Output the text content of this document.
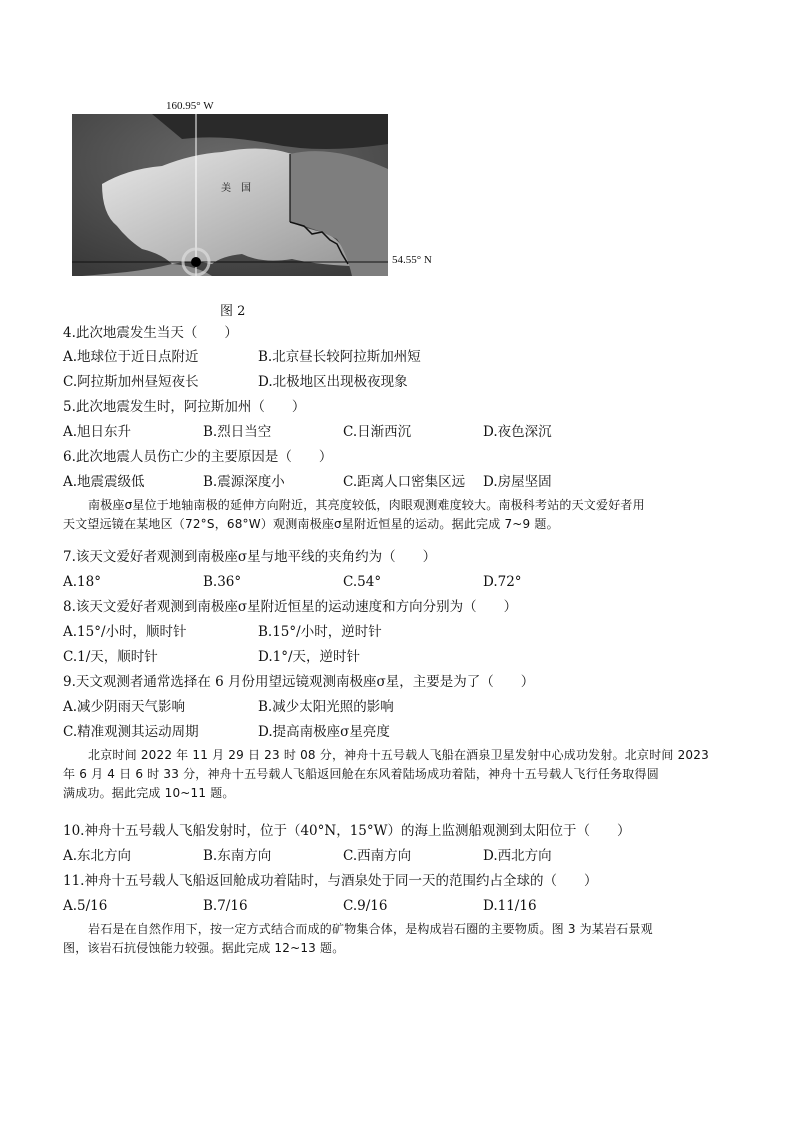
160.95° W
美　国
54.55° N
图 2
4.此次地震发生当天（　　）
A.地球位于近日点附近	B.北京昼长较阿拉斯加州短
C.阿拉斯加州昼短夜长	D.北极地区出现极夜现象
5.此次地震发生时，阿拉斯加州（　　）
A.旭日东升	B.烈日当空	C.日渐西沉	D.夜色深沉
6.此次地震人员伤亡少的主要原因是（　　）
A.地震震级低	B.震源深度小	C.距离人口密集区远 D.房屋坚固

南极座σ星位于地轴南极的延伸方向附近，其亮度较低，肉眼观测难度较大。南极科考站的天文爱好者用

天文望远镜在某地区（72°S，68°W）观测南极座σ星附近恒星的运动。据此完成 7~9 题。

7.该天文爱好者观测到南极座σ星与地平线的夹角约为（　　）
A.18°	B.36°	C.54°	D.72°
8.该天文爱好者观测到南极座σ星附近恒星的运动速度和方向分别为（　　）
A.15°/小时，顺时针	B.15°/小时，逆时针
C.1/天，顺时针	D.1°/天，逆时针
9.天文观测者通常选择在 6 月份用望远镜观测南极座σ星，主要是为了（　　）
A.减少阴雨天气影响	B.减少太阳光照的影响
C.精准观测其运动周期	D.提高南极座σ星亮度

北京时间 2022 年 11 月 29 日 23 时 08 分，神舟十五号载人飞船在酒泉卫星发射中心成功发射。北京时间 2023

年 6 月 4 日 6 时 33 分，神舟十五号载人飞船返回舱在东风着陆场成功着陆，神舟十五号载人飞行任务取得圆

满成功。据此完成 10~11 题。

10.神舟十五号载人飞船发射时，位于（40°N，15°W）的海上监测船观测到太阳位于（　　）
A.东北方向	B.东南方向	C.西南方向	D.西北方向
11.神舟十五号载人飞船返回舱成功着陆时，与酒泉处于同一天的范围约占全球的（　　）
A.5/16	B.7/16	C.9/16	D.11/16

岩石是在自然作用下，按一定方式结合而成的矿物集合体，是构成岩石圈的主要物质。图 3 为某岩石景观

图，该岩石抗侵蚀能力较强。据此完成 12~13 题。
